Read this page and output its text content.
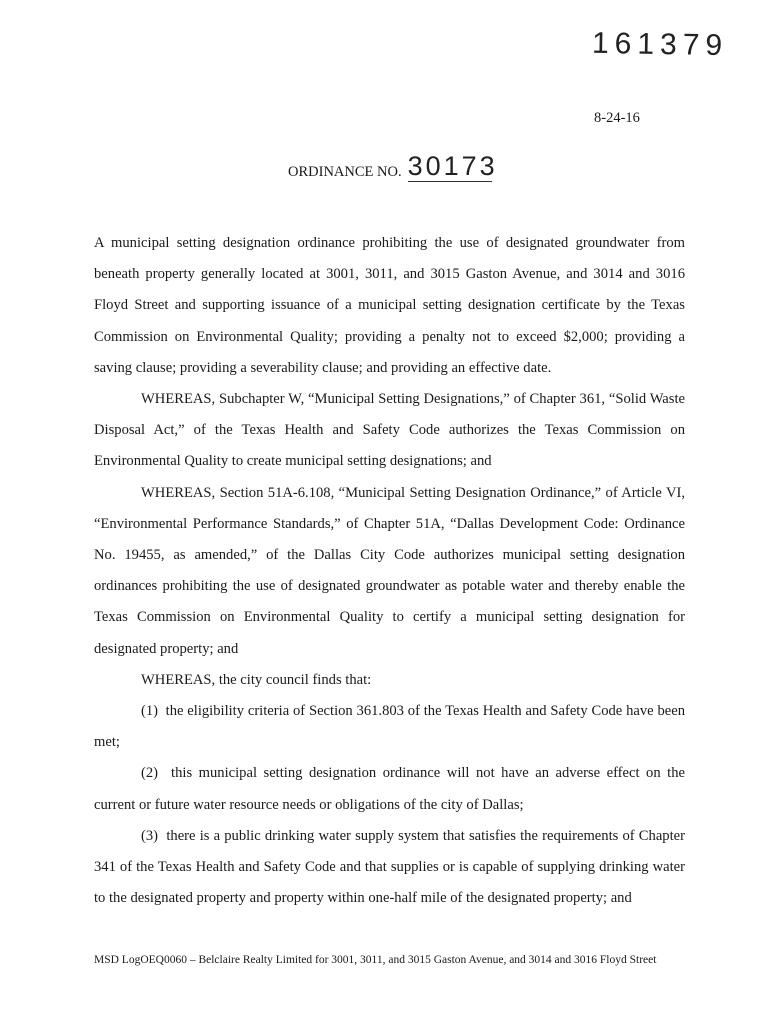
161379
8-24-16
ORDINANCE NO. 30173

A municipal setting designation ordinance prohibiting the use of designated groundwater from beneath property generally located at 3001, 3011, and 3015 Gaston Avenue, and 3014 and 3016 Floyd Street and supporting issuance of a municipal setting designation certificate by the Texas Commission on Environmental Quality; providing a penalty not to exceed $2,000; providing a saving clause; providing a severability clause; and providing an effective date.

WHEREAS, Subchapter W, “Municipal Setting Designations,” of Chapter 361, “Solid Waste Disposal Act,” of the Texas Health and Safety Code authorizes the Texas Commission on Environmental Quality to create municipal setting designations; and

WHEREAS, Section 51A-6.108, “Municipal Setting Designation Ordinance,” of Article VI, “Environmental Performance Standards,” of Chapter 51A, “Dallas Development Code: Ordinance No. 19455, as amended,” of the Dallas City Code authorizes municipal setting designation ordinances prohibiting the use of designated groundwater as potable water and thereby enable the Texas Commission on Environmental Quality to certify a municipal setting designation for designated property; and

WHEREAS, the city council finds that:

(1)  the eligibility criteria of Section 361.803 of the Texas Health and Safety Code have been met;

(2)  this municipal setting designation ordinance will not have an adverse effect on the current or future water resource needs or obligations of the city of Dallas;

(3)  there is a public drinking water supply system that satisfies the requirements of Chapter 341 of the Texas Health and Safety Code and that supplies or is capable of supplying drinking water to the designated property and property within one-half mile of the designated property; and

MSD LogOEQ0060 – Belclaire Realty Limited for 3001, 3011, and 3015 Gaston Avenue, and 3014 and 3016 Floyd Street
